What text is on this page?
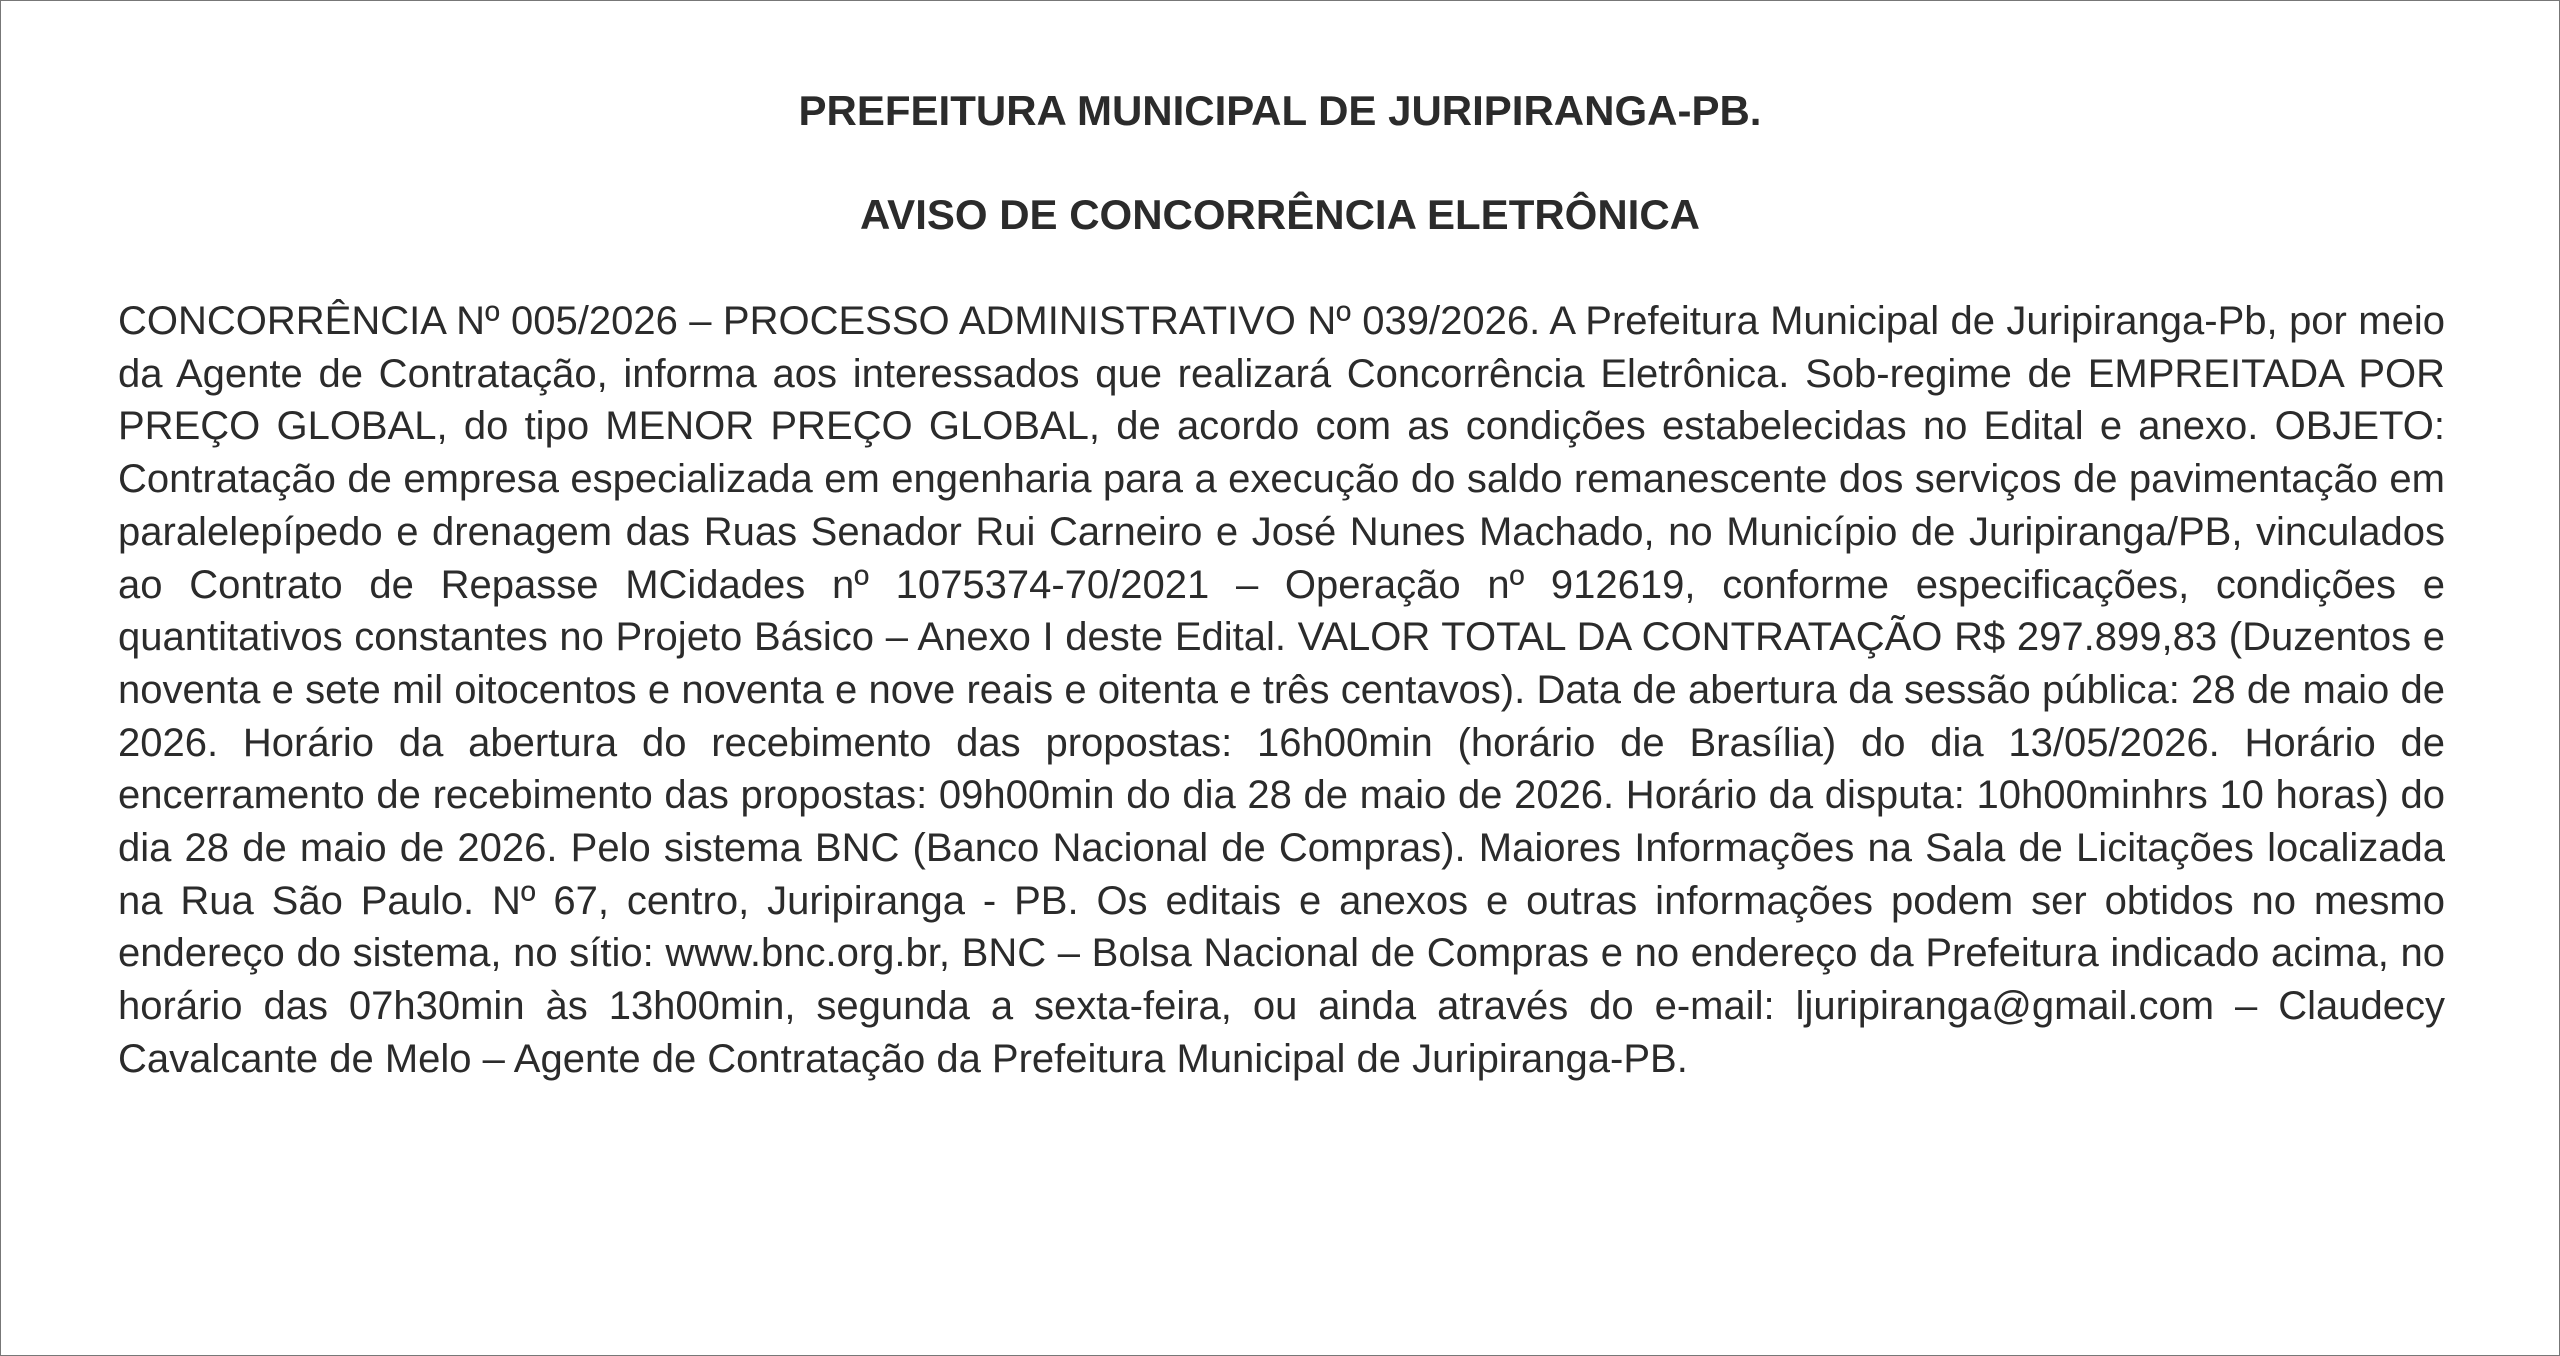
PREFEITURA MUNICIPAL DE JURIPIRANGA-PB.
AVISO DE CONCORRÊNCIA ELETRÔNICA

CONCORRÊNCIA Nº 005/2026 – PROCESSO ADMINISTRATIVO Nº 039/2026. A Prefeitura Municipal de Juripiranga-Pb, por meio da Agente de Contratação, informa aos interessados que realizará Concorrência Eletrônica. Sob-regime de EMPREITADA POR PREÇO GLOBAL, do tipo MENOR PREÇO GLOBAL, de acordo com as condições estabelecidas no Edital e anexo. OBJETO: Contratação de empresa especializada em engenharia para a execução do saldo remanescente dos serviços de pavimentação em paralelepípedo e drenagem das Ruas Senador Rui Carneiro e José Nunes Machado, no Município de Juripiranga/PB, vinculados ao Contrato de Repasse MCidades nº 1075374-70/2021 – Operação nº 912619, conforme especificações, condições e quantitativos constantes no Projeto Básico – Anexo I deste Edital. VALOR TOTAL DA CONTRATAÇÃO R$ 297.899,83 (Duzentos e noventa e sete mil oitocentos e noventa e nove reais e oitenta e três centavos). Data de abertura da sessão pública: 28 de maio de 2026. Horário da abertura do recebimento das propostas: 16h00min (horário de Brasília) do dia 13/05/2026. Horário de encerramento de recebimento das propostas: 09h00min do dia 28 de maio de 2026. Horário da disputa: 10h00minhrs 10 horas) do dia 28 de maio de 2026. Pelo sistema BNC (Banco Nacional de Compras). Maiores Informações na Sala de Licitações localizada na Rua São Paulo. Nº 67, centro, Juripiranga - PB. Os editais e anexos e outras informações podem ser obtidos no mesmo endereço do sistema, no sítio: www.bnc.org.br, BNC – Bolsa Nacional de Compras e no endereço da Prefeitura indicado acima, no horário das 07h30min às 13h00min, segunda a sexta-feira, ou ainda através do e-mail: ljuripiranga@gmail.com – Claudecy Cavalcante de Melo – Agente de Contratação da Prefeitura Municipal de Juripiranga-PB.
